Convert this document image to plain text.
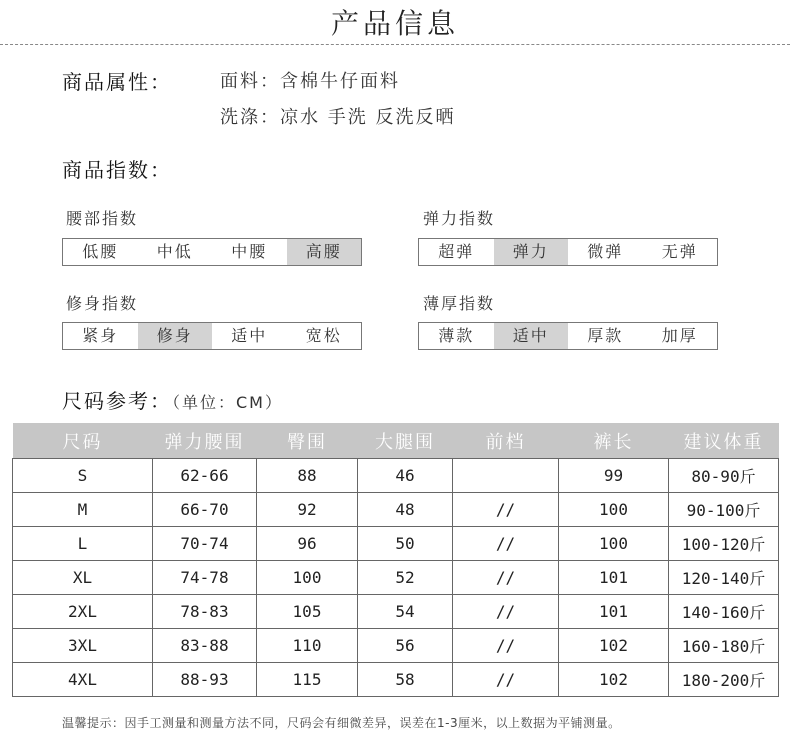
产品信息
商品属性：	面料：含棉牛仔面料
洗涤：凉水 手洗 反洗反晒
商品指数：
腰部指数
低腰	中低	中腰	高腰
弹力指数
超弹	弹力	微弹	无弹
修身指数
紧身	修身	适中	宽松
薄厚指数
薄款	适中	厚款	加厚
尺码参考：（单位：CM）
尺码	弹力腰围	臀围	大腿围	前档	裤长	建议体重
S	62-66	88	46		99	80-90斤
M	66-70	92	48	//	100	90-100斤
L	70-74	96	50	//	100	100-120斤
XL	74-78	100	52	//	101	120-140斤
2XL	78-83	105	54	//	101	140-160斤
3XL	83-88	110	56	//	102	160-180斤
4XL	88-93	115	58	//	102	180-200斤
温馨提示：因手工测量和测量方法不同，尺码会有细微差异，误差在1-3厘米，以上数据为平铺测量。
